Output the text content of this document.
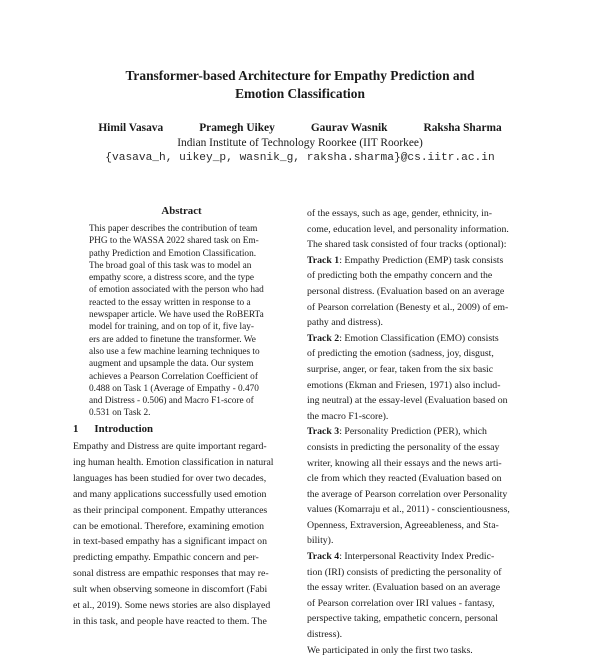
Transformer-based Architecture for Empathy Prediction and
Emotion Classification
Himil Vasava	Pramegh Uikey	Gaurav Wasnik	Raksha Sharma
Indian Institute of Technology Roorkee (IIT Roorkee)
{vasava_h, uikey_p, wasnik_g, raksha.sharma}@cs.iitr.ac.in
Abstract
This paper describes the contribution of team
PHG to the WASSA 2022 shared task on Em-
pathy Prediction and Emotion Classification.
The broad goal of this task was to model an
empathy score, a distress score, and the type
of emotion associated with the person who had
reacted to the essay written in response to a
newspaper article. We have used the RoBERTa
model for training, and on top of it, five lay-
ers are added to finetune the transformer. We
also use a few machine learning techniques to
augment and upsample the data. Our system
achieves a Pearson Correlation Coefficient of
0.488 on Task 1 (Average of Empathy - 0.470
and Distress - 0.506) and Macro F1-score of
0.531 on Task 2.
1 Introduction
Empathy and Distress are quite important regard-
ing human health. Emotion classification in natural
languages has been studied for over two decades,
and many applications successfully used emotion
as their principal component. Empathy utterances
can be emotional. Therefore, examining emotion
in text-based empathy has a significant impact on
predicting empathy. Empathic concern and per-
sonal distress are empathic responses that may re-
sult when observing someone in discomfort (Fabi
et al., 2019). Some news stories are also displayed
in this task, and people have reacted to them. The
of the essays, such as age, gender, ethnicity, in-
come, education level, and personality information.
The shared task consisted of four tracks (optional):
Track 1: Empathy Prediction (EMP) task consists
of predicting both the empathy concern and the
personal distress. (Evaluation based on an average
of Pearson correlation (Benesty et al., 2009) of em-
pathy and distress).
Track 2: Emotion Classification (EMO) consists
of predicting the emotion (sadness, joy, disgust,
surprise, anger, or fear, taken from the six basic
emotions (Ekman and Friesen, 1971) also includ-
ing neutral) at the essay-level (Evaluation based on
the macro F1-score).
Track 3: Personality Prediction (PER), which
consists in predicting the personality of the essay
writer, knowing all their essays and the news arti-
cle from which they reacted (Evaluation based on
the average of Pearson correlation over Personality
values (Komarraju et al., 2011) - conscientiousness,
Openness, Extraversion, Agreeableness, and Sta-
bility).
Track 4: Interpersonal Reactivity Index Predic-
tion (IRI) consists of predicting the personality of
the essay writer. (Evaluation based on an average
of Pearson correlation over IRI values - fantasy,
perspective taking, empathetic concern, personal
distress).
We participated in only the first two tasks.
